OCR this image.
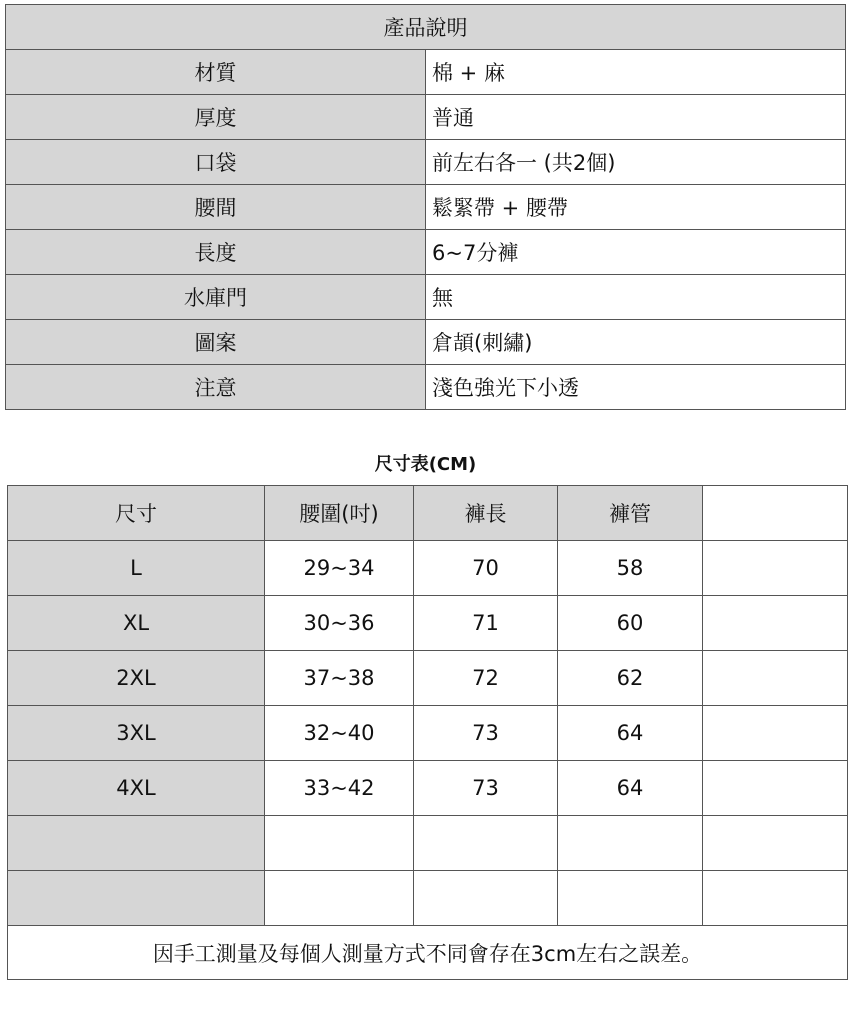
產品說明	
材質	棉 + 麻
厚度	普通
口袋	前左右各一 (共2個)
腰間	鬆緊帶 + 腰帶
長度	6~7分褲
水庫門	無
圖案	倉頡(刺繡)
注意	淺色強光下小透
尺寸表(CM)
尺寸	腰圍(吋)	褲長	褲管	
L	29~34	70	58	
XL	30~36	71	60	
2XL	37~38	72	62	
3XL	32~40	73	64	
4XL	33~42	73	64	

因手工測量及每個人測量方式不同會存在3cm左右之誤差。				
